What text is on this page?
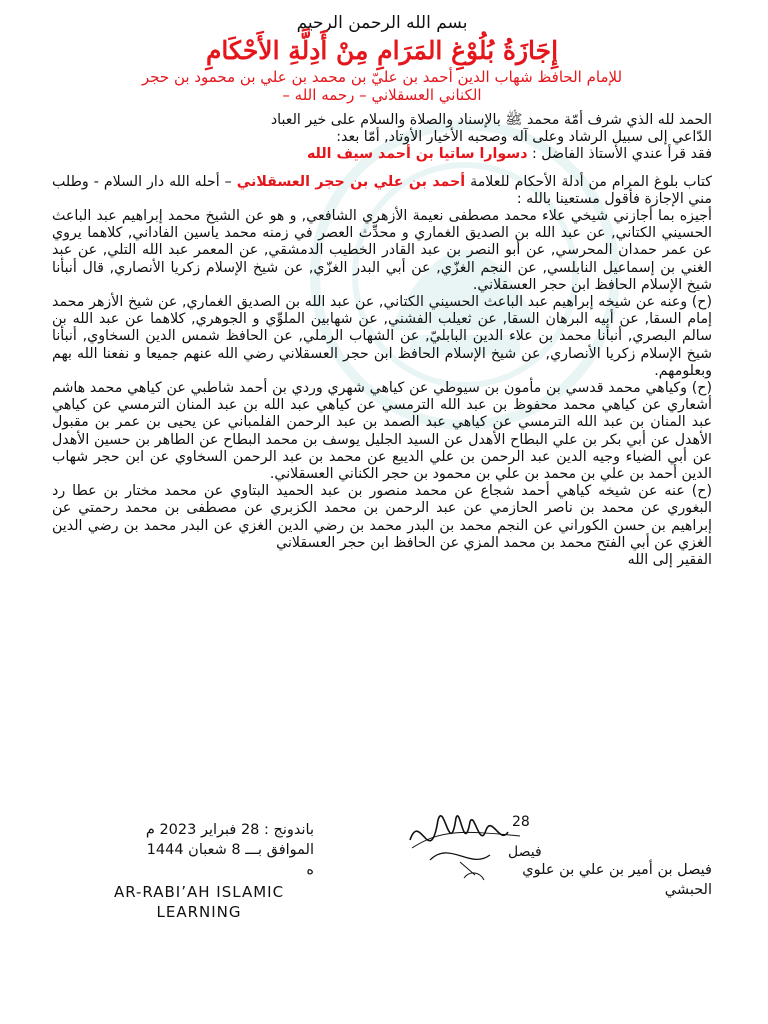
بسم الله الرحمن الرحيم
إِجَازَةُ بُلُوْغِ المَرَامِ مِنْ أَدِلَّةِ الأَحْكَامِ
للإمام الحافظ شهاب الدين أحمد بن عليّ بن محمد بن علي بن محمود بن حجر
الكناني العسقلاني – رحمه الله –
الحمد لله الذي شرف أمّة محمد ﷺ بالإسناد والصلاة والسلام على خير العباد
الدّاعي إلى سبيل الرشاد وعلى آله وصحبه الأخيار الأوتاد, أمّا بعد:
فقد قرأ عندي الأستاذ الفاضل : دسوارا ساتيا بن أحمد سيف الله
كتاب بلوغ المرام من أدلة الأحكام للعلامة أحمد بن علي بن حجر العسقلاني – أحله الله دار السلام - وطلب مني الإجازة فأقول مستعينا بالله :

أجيزه بما أجازني شيخي علاء محمد مصطفى نعيمة الأزهري الشافعي, و هو عن الشيخ محمد إبراهيم عبد الباعث الحسيني الكتاني, عن عبد الله بن الصديق الغماري و محدِّث العصر في زمنه محمد ياسين الفاداني, كلاهما يروي عن عمر حمدان المحرسي, عن أبو النصر بن عبد القادر الخطيب الدمشقي, عن المعمر عبد الله التلي, عن عبد الغني بن إسماعيل النابلسي, عن النجم الغزّي, عن أبي البدر الغزّي, عن شيخ الإسلام زكريا الأنصاري, قال أنبأنا شيخ الإسلام الحافظ ابن حجر العسقلاني.

(ح) وعنه عن شيخه إبراهيم عبد الباعث الحسيني الكتاني, عن عبد الله بن الصديق الغماري, عن شيخ الأزهر محمد إمام السقا, عن أبيه البرهان السقا, عن ثعيلب الفشني, عن شهابين الملوِّي و الجوهري, كلاهما عن عبد الله بن سالم البصري, أنبأنا محمد بن علاء الدين البابليّ, عن الشهاب الرملي, عن الحافظ شمس الدين السخاوي, أنبأنا شيخ الإسلام زكريا الأنصاري, عن شيخ الإسلام الحافظ ابن حجر العسقلاني رضي الله عنهم جميعا و نفعنا الله بهم وبعلومهم.

(ح) وكياهي محمد قدسي بن مأمون بن سيوطي عن كياهي شهري وردي بن أحمد شاطبي عن كياهي محمد هاشم أشعاري عن كياهي محمد محفوظ بن عبد الله الترمسي عن كياهي عبد الله بن عبد المنان الترمسي عن كياهي عبد المنان بن عبد الله الترمسي عن كياهي عبد الصمد بن عبد الرحمن الفلمباني عن يحيى بن عمر بن مقبول الأهدل عن أبي بكر بن علي البطاح الأهدل عن السيد الجليل يوسف بن محمد البطاح عن الطاهر بن حسين الأهدل عن أبي الضياء وجيه الدين عبد الرحمن بن علي الديبع عن محمد بن عبد الرحمن السخاوي عن ابن حجر شهاب الدين أحمد بن علي بن محمد بن علي بن محمود بن حجر الكناني العسقلاني.

(ح) عنه عن شيخه كياهي أحمد شجاع عن محمد منصور بن عبد الحميد البتاوي عن محمد مختار بن عطا رد البغوري عن محمد بن ناصر الحازمي عن عبد الرحمن بن محمد الكزبري عن مصطفى بن محمد رحمتي عن إبراهيم بن حسن الكوراني عن النجم محمد بن البدر محمد بن رضي الدين الغزي عن البدر محمد بن رضي الدين الغزي عن أبي الفتح محمد بن محمد المزي عن الحافظ ابن حجر العسقلاني

الفقير إلى الله
باندونج : 28 فبراير 2023 م
الموافق بـــ 8 شعبان 1444
ه
AR-RABI’AH ISLAMIC LEARNING
28
فيصل
فيصل بن أمير بن علي بن علوي
الحبشي
